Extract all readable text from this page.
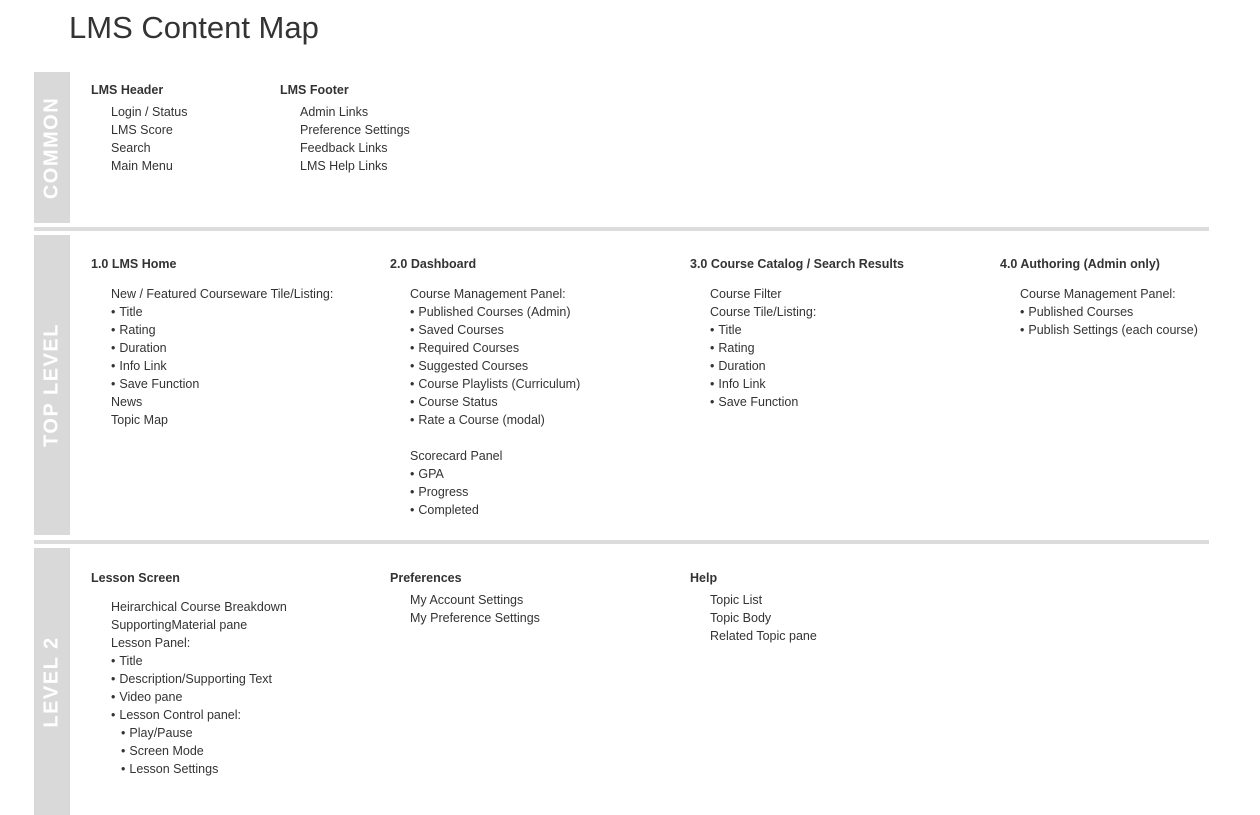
LMS Content Map
COMMON
LMS Header
Login / Status
LMS Score
Search
Main Menu
LMS Footer
Admin Links
Preference Settings
Feedback Links
LMS Help Links
TOP LEVEL
1.0 LMS Home
New / Featured Courseware Tile/Listing:
• Title
• Rating
• Duration
• Info Link
• Save Function
News
Topic Map
2.0 Dashboard
Course Management Panel:
• Published Courses (Admin)
• Saved Courses
• Required Courses
• Suggested Courses
• Course Playlists (Curriculum)
• Course Status
• Rate a Course (modal)
Scorecard Panel
• GPA
• Progress
• Completed
3.0 Course Catalog / Search Results
Course Filter
Course Tile/Listing:
• Title
• Rating
• Duration
• Info Link
• Save Function
4.0 Authoring (Admin only)
Course Management Panel:
• Published Courses
• Publish Settings (each course)
LEVEL 2
Lesson Screen
Heirarchical Course Breakdown
SupportingMaterial pane
Lesson Panel:
• Title
• Description/Supporting Text
• Video pane
• Lesson Control panel:
• Play/Pause
• Screen Mode
• Lesson Settings
Preferences
My Account Settings
My Preference Settings
Help
Topic List
Topic Body
Related Topic pane
